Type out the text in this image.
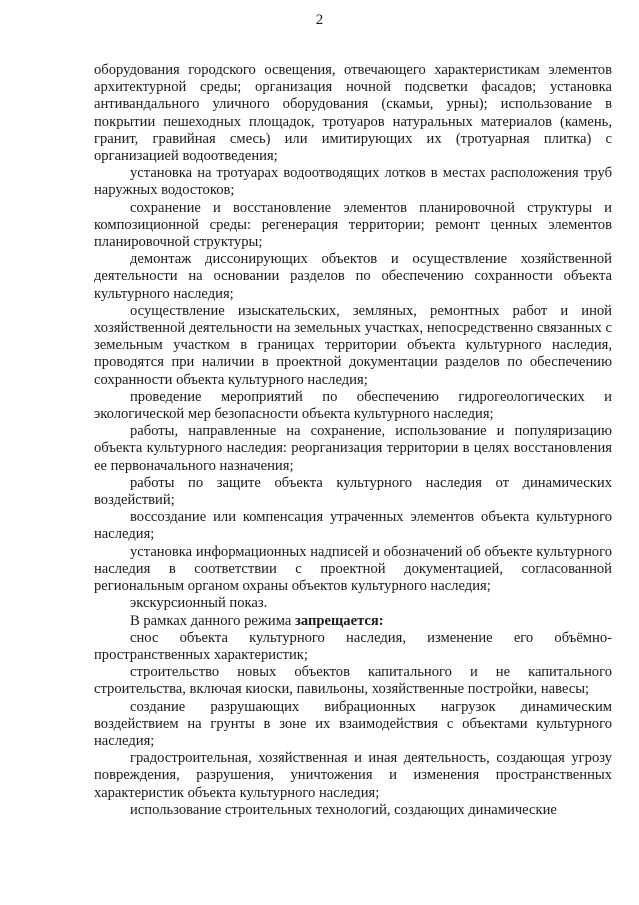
2

оборудования городского освещения, отвечающего характеристикам элементов архитектурной среды; организация ночной подсветки фасадов; установка антивандального уличного оборудования (скамьи, урны); использование в покрытии пешеходных площадок, тротуаров натуральных материалов (камень, гранит, гравийная смесь) или имитирующих их (тротуарная плитка) с организацией водоотведения;

установка на тротуарах водоотводящих лотков в местах расположения труб наружных водостоков;

сохранение и восстановление элементов планировочной структуры и композиционной среды: регенерация территории; ремонт ценных элементов планировочной структуры;

демонтаж диссонирующих объектов и осуществление хозяйственной деятельности на основании разделов по обеспечению сохранности объекта культурного наследия;

осуществление изыскательских, земляных, ремонтных работ и иной хозяйственной деятельности на земельных участках, непосредственно связанных с земельным участком в границах территории объекта культурного наследия, проводятся при наличии в проектной документации разделов по обеспечению сохранности объекта культурного наследия;

проведение мероприятий по обеспечению гидрогеологических и экологической мер безопасности объекта культурного наследия;

работы, направленные на сохранение, использование и популяризацию объекта культурного наследия: реорганизация территории в целях восстановления ее первоначального назначения;

работы по защите объекта культурного наследия от динамических воздействий;

воссоздание или компенсация утраченных элементов объекта культурного наследия;

установка информационных надписей и обозначений об объекте культурного наследия в соответствии с проектной документацией, согласованной региональным органом охраны объектов культурного наследия;

экскурсионный показ.

В рамках данного режима запрещается:

снос объекта культурного наследия, изменение его объёмно-пространственных характеристик;

строительство новых объектов капитального и не капитального строительства, включая киоски, павильоны, хозяйственные постройки, навесы;

создание разрушающих вибрационных нагрузок динамическим воздействием на грунты в зоне их взаимодействия с объектами культурного наследия;

градостроительная, хозяйственная и иная деятельность, создающая угрозу повреждения, разрушения, уничтожения и изменения пространственных характеристик объекта культурного наследия;

использование строительных технологий, создающих динамические
